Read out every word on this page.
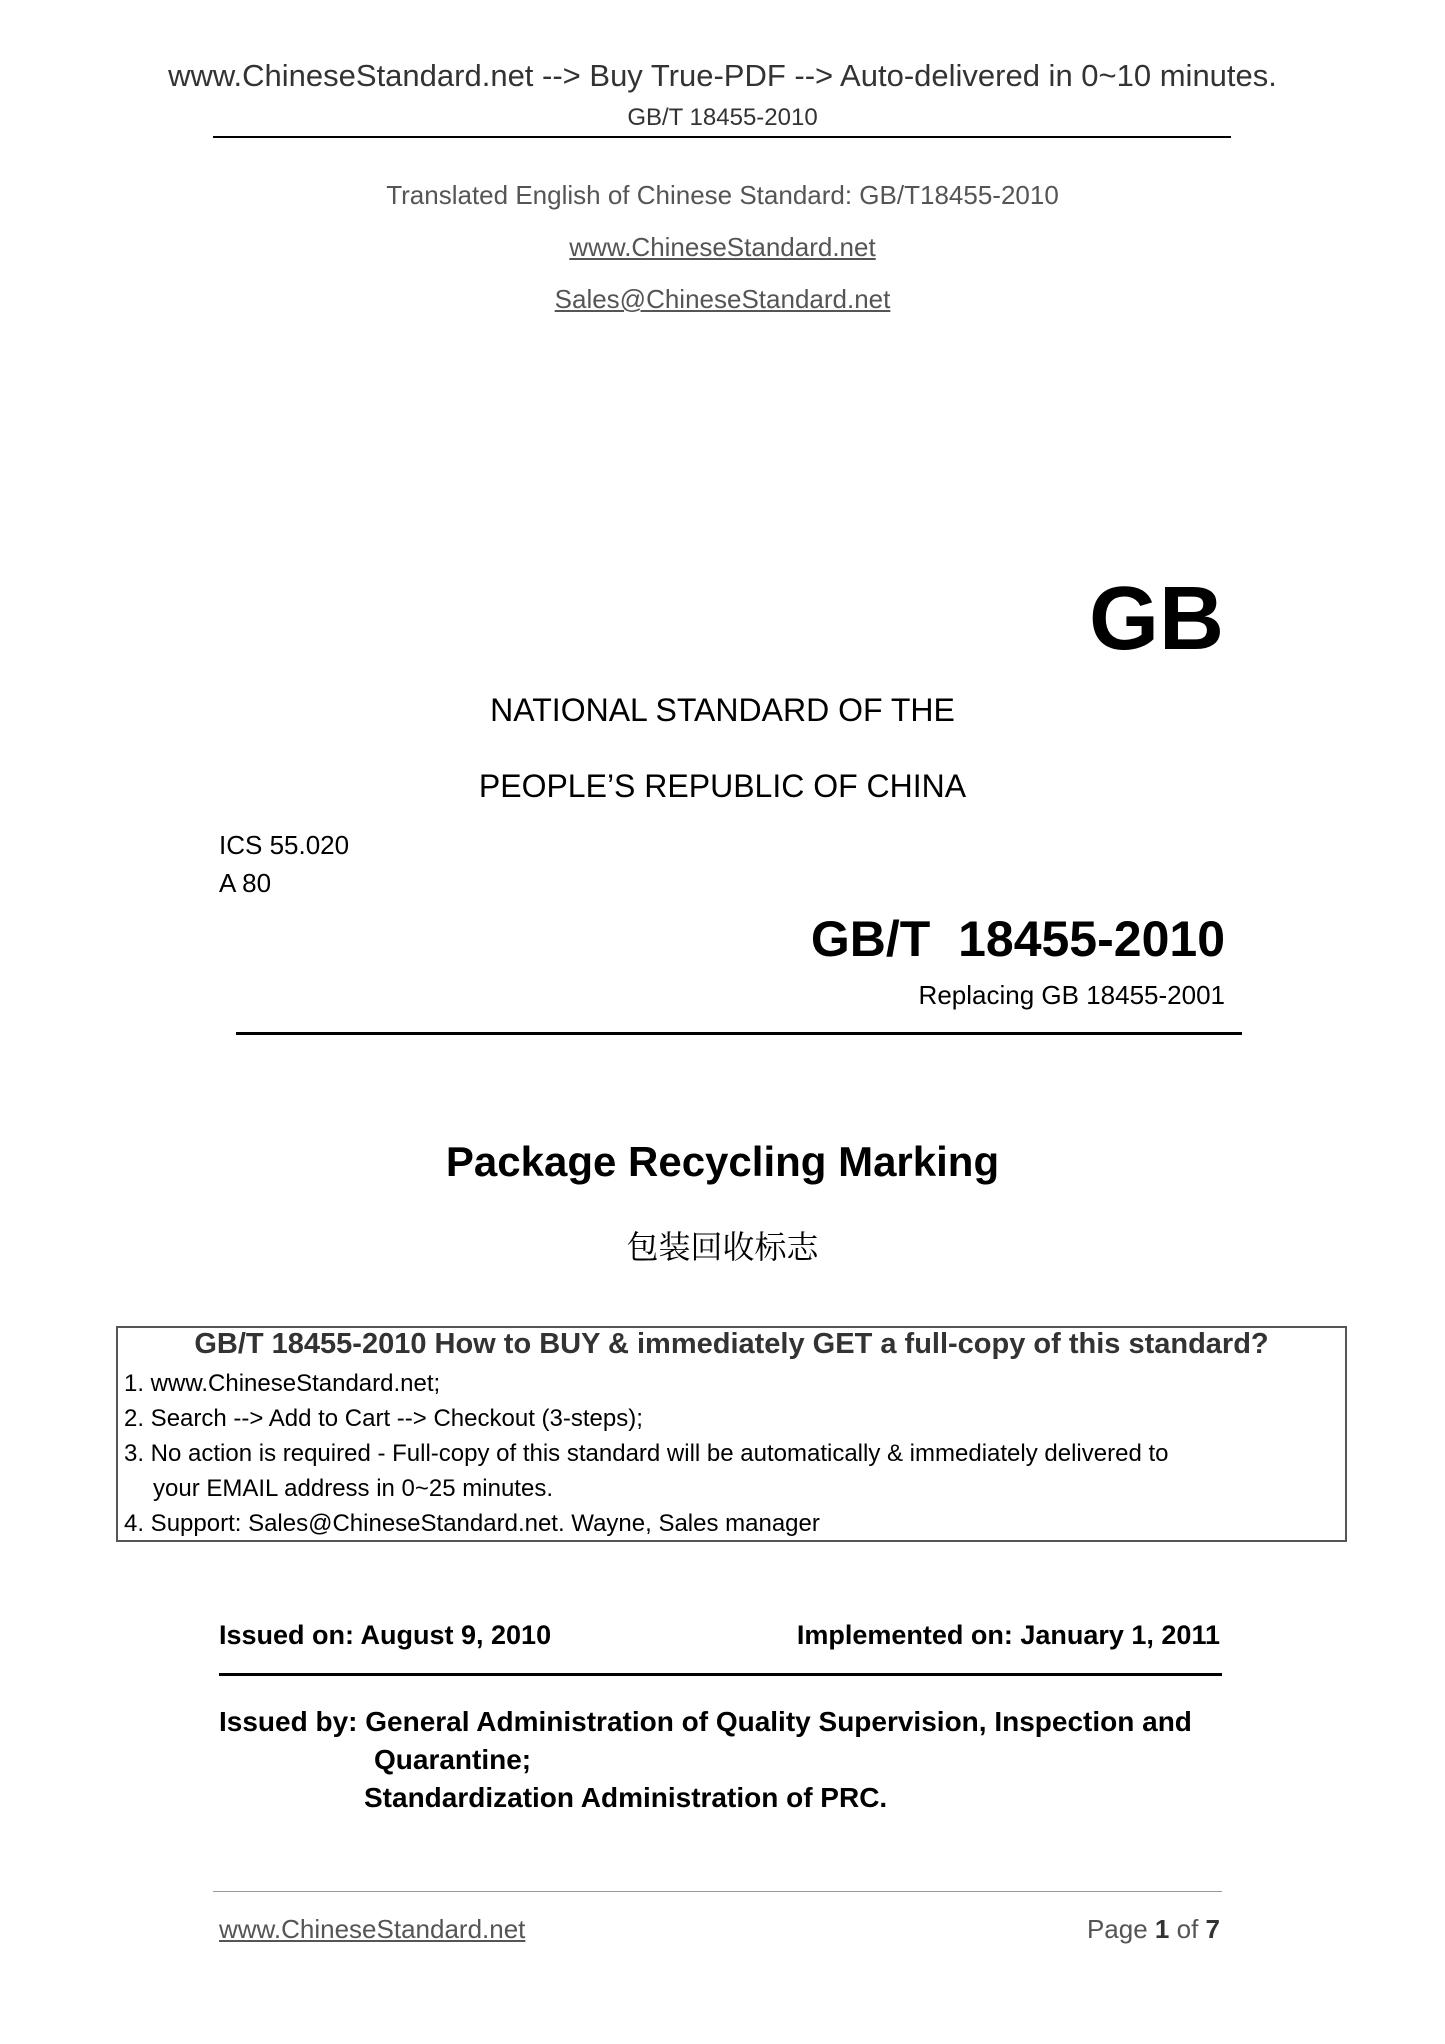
www.ChineseStandard.net --> Buy True-PDF --> Auto-delivered in 0~10 minutes.
GB/T 18455-2010
Translated English of Chinese Standard: GB/T18455-2010
www.ChineseStandard.net
Sales@ChineseStandard.net
GB
NATIONAL STANDARD OF THE
PEOPLE’S REPUBLIC OF CHINA
ICS 55.020
A 80
GB/T  18455-2010
Replacing GB 18455-2001
Package Recycling Marking
包装回收标志
GB/T 18455-2010 How to BUY & immediately GET a full-copy of this standard?
1. www.ChineseStandard.net;
2. Search --> Add to Cart --> Checkout (3-steps);
3. No action is required - Full-copy of this standard will be automatically & immediately delivered to
your EMAIL address in 0~25 minutes.
4. Support: Sales@ChineseStandard.net. Wayne, Sales manager
Issued on: August 9, 2010	Implemented on: January 1, 2011
Issued by: General Administration of Quality Supervision, Inspection and
Quarantine;
Standardization Administration of PRC.
www.ChineseStandard.net	Page 1 of 7
